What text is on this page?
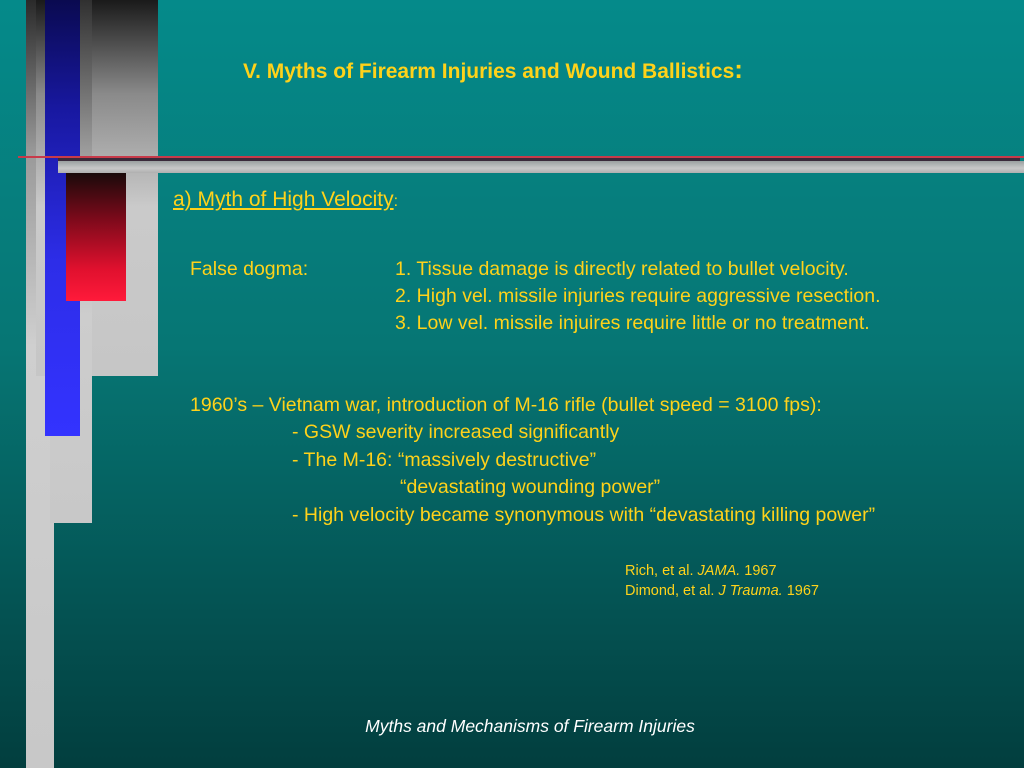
V. Myths of Firearm Injuries and Wound Ballistics:
a) Myth of High Velocity:
False dogma:	1. Tissue damage is directly related to bullet velocity.
2. High vel. missile injuries require aggressive resection.
3. Low vel. missile injuires require little or no treatment.
1960’s – Vietnam war, introduction of M-16 rifle (bullet speed = 3100 fps):
- GSW severity increased significantly
- The M-16: “massively destructive”
“devastating wounding power”
- High velocity became synonymous with “devastating killing power”
Rich, et al. JAMA. 1967
Dimond, et al. J Trauma. 1967
Myths and Mechanisms of Firearm Injuries
